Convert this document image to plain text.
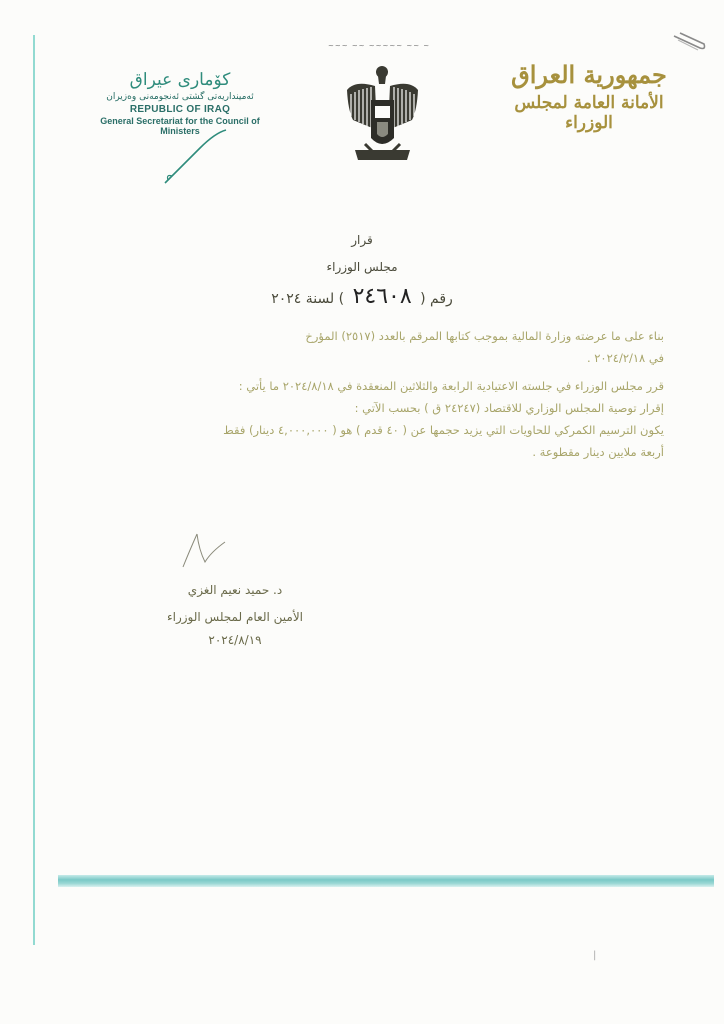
~~~ ~~ ~~~~~ ~~ ~
کۆماری عیراق
ئەمینداریەتی گشتی ئەنجومەنی وەزیران
REPUBLIC OF IRAQ
General Secretariat for the Council of Ministers
جمهورية العراق
الأمانة العامة لمجلس الوزراء
قرار
مجلس الوزراء
رقم ( ٢٤٦٠٨ ) لسنة ٢٠٢٤
بناء على ما عرضته وزارة المالية بموجب كتابها المرقم بالعدد (٢٥١٧) المؤرخ
في ٢٠٢٤/٢/١٨ .
قرر مجلس الوزراء في جلسته الاعتيادية الرابعة والثلاثين المنعقدة في ٢٠٢٤/٨/١٨ ما يأتي :
إقرار توصية المجلس الوزاري للاقتصاد (٢٤٢٤٧ ق ) بحسب الآتي :
يكون الترسيم الكمركي للحاويات التي يزيد حجمها عن ( ٤٠ قدم ) هو ( ٤,٠٠٠,٠٠٠ دينار) فقط
أربعة ملايين دينار مقطوعة .
د. حميد نعيم الغزي
الأمين العام لمجلس الوزراء
٢٠٢٤/٨/١٩
|
